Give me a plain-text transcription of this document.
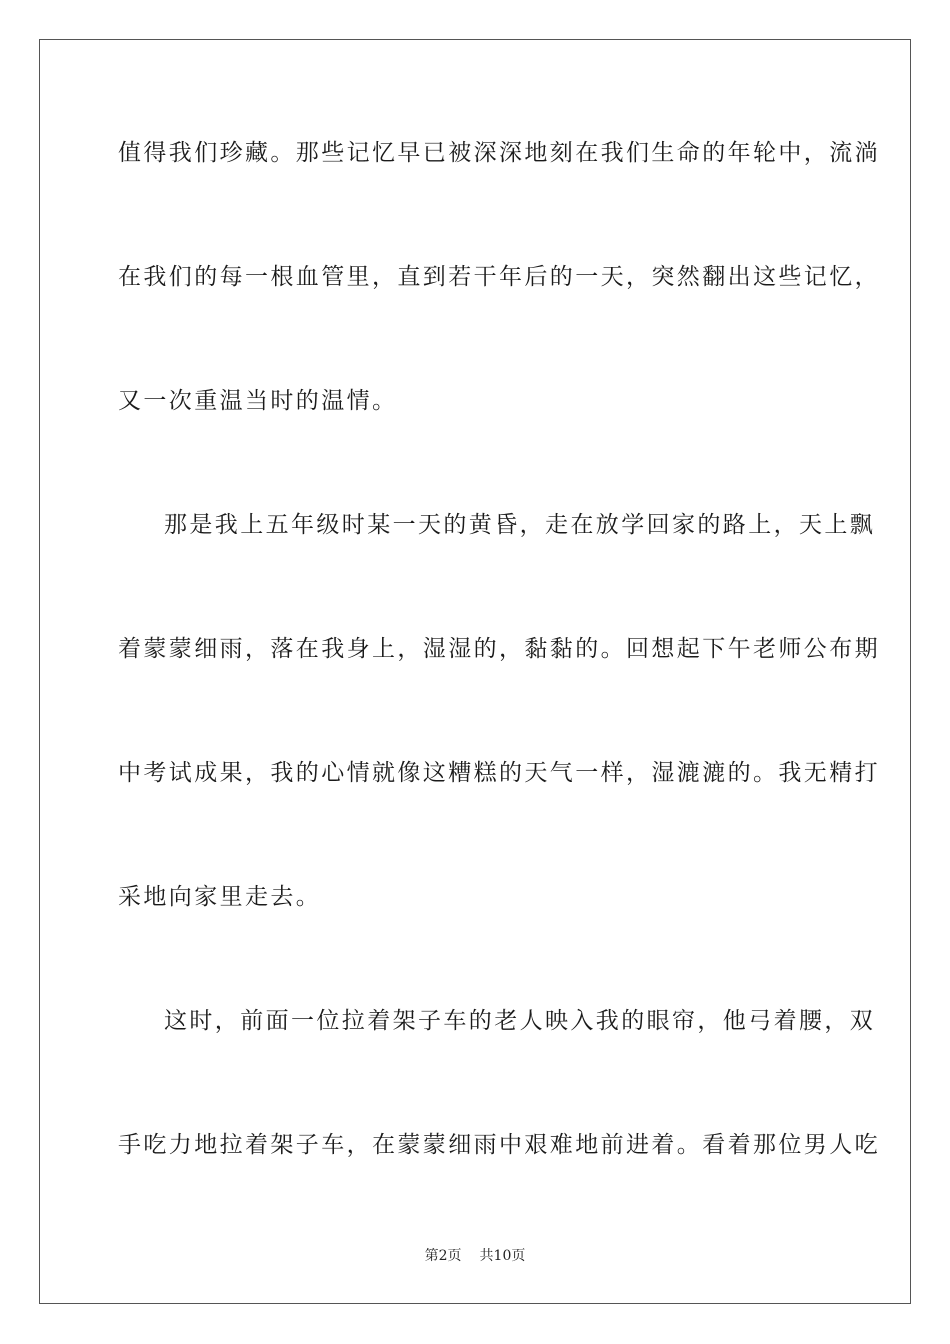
值得我们珍藏。那些记忆早已被深深地刻在我们生命的年轮中，流淌

在我们的每一根血管里，直到若干年后的一天，突然翻出这些记忆，

又一次重温当时的温情。

那是我上五年级时某一天的黄昏，走在放学回家的路上，天上飘

着蒙蒙细雨，落在我身上，湿湿的，黏黏的。回想起下午老师公布期

中考试成果，我的心情就像这糟糕的天气一样，湿漉漉的。我无精打

采地向家里走去。

这时，前面一位拉着架子车的老人映入我的眼帘，他弓着腰，双

手吃力地拉着架子车，在蒙蒙细雨中艰难地前进着。看着那位男人吃

第2页 共10页
